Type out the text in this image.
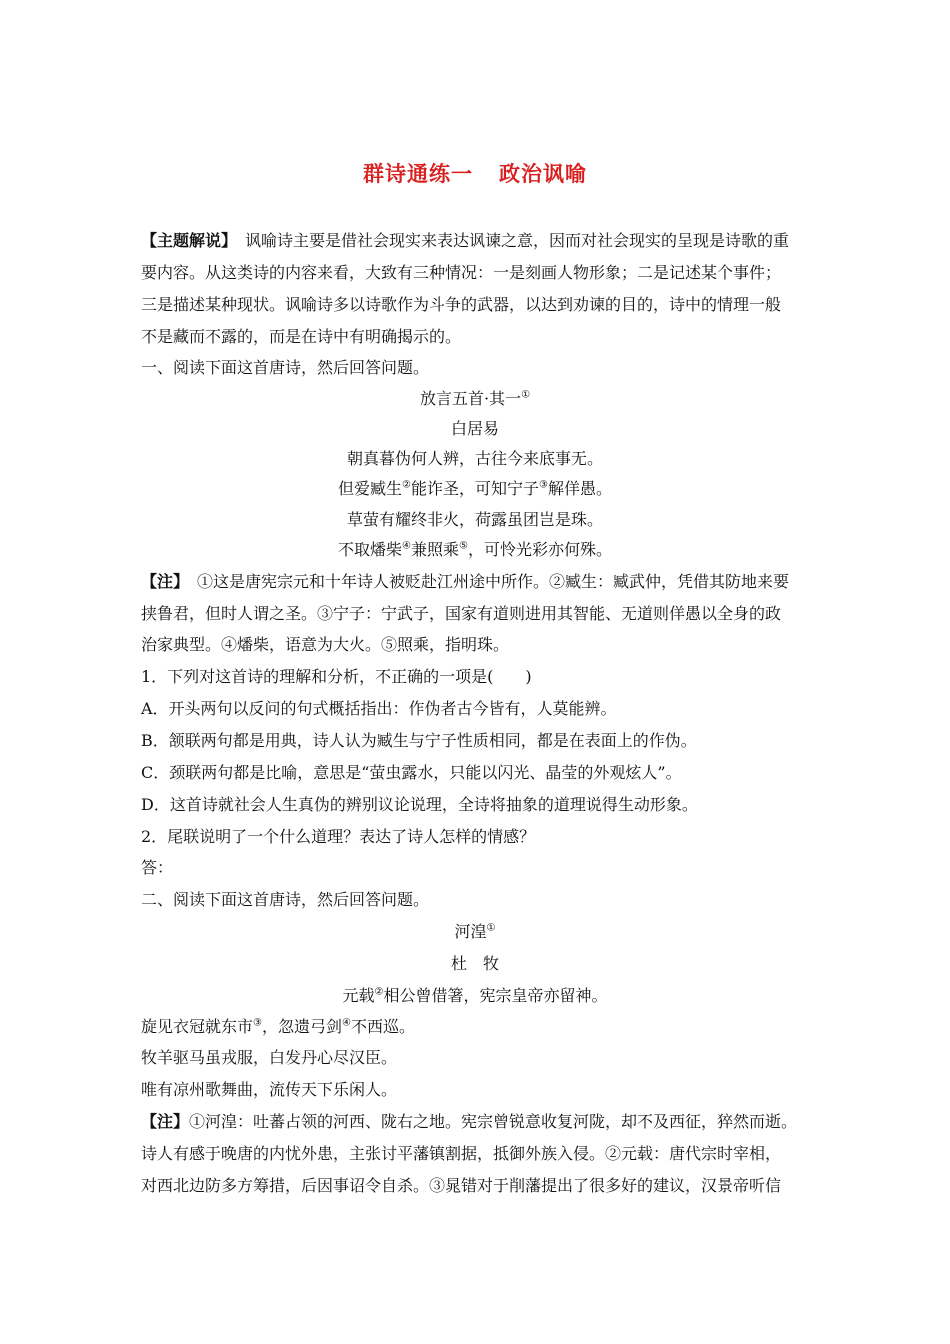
群诗通练一 政治讽喻
【主题解说】 讽喻诗主要是借社会现实来表达讽谏之意，因而对社会现实的呈现是诗歌的重
要内容。从这类诗的内容来看，大致有三种情况：一是刻画人物形象；二是记述某个事件；
三是描述某种现状。讽喻诗多以诗歌作为斗争的武器，以达到劝谏的目的，诗中的情理一般
不是藏而不露的，而是在诗中有明确揭示的。
一、阅读下面这首唐诗，然后回答问题。
放言五首·其一①
白居易
朝真暮伪何人辨，古往今来底事无。
但爱臧生②能诈圣，可知宁子③解佯愚。
草萤有耀终非火，荷露虽团岂是珠。
不取燔柴④兼照乘⑤，可怜光彩亦何殊。
【注】 ①这是唐宪宗元和十年诗人被贬赴江州途中所作。②臧生：臧武仲，凭借其防地来要
挟鲁君，但时人谓之圣。③宁子：宁武子，国家有道则进用其智能、无道则佯愚以全身的政
治家典型。④燔柴，语意为大火。⑤照乘，指明珠。
1．下列对这首诗的理解和分析，不正确的一项是(　　)
A．开头两句以反问的句式概括指出：作伪者古今皆有，人莫能辨。
B．颔联两句都是用典，诗人认为臧生与宁子性质相同，都是在表面上的作伪。
C．颈联两句都是比喻，意思是“萤虫露水，只能以闪光、晶莹的外观炫人”。
D．这首诗就社会人生真伪的辨别议论说理，全诗将抽象的道理说得生动形象。
2．尾联说明了一个什么道理？表达了诗人怎样的情感？
答：
二、阅读下面这首唐诗，然后回答问题。
河湟①
杜　牧
元载②相公曾借箸，宪宗皇帝亦留神。
旋见衣冠就东市③，忽遗弓剑④不西巡。
牧羊驱马虽戎服，白发丹心尽汉臣。
唯有凉州歌舞曲，流传天下乐闲人。
【注】①河湟：吐蕃占领的河西、陇右之地。宪宗曾锐意收复河陇，却不及西征，猝然而逝。
诗人有感于晚唐的内忧外患，主张讨平藩镇割据，抵御外族入侵。②元载：唐代宗时宰相，
对西北边防多方筹措，后因事诏令自杀。③晁错对于削藩提出了很多好的建议，汉景帝听信
